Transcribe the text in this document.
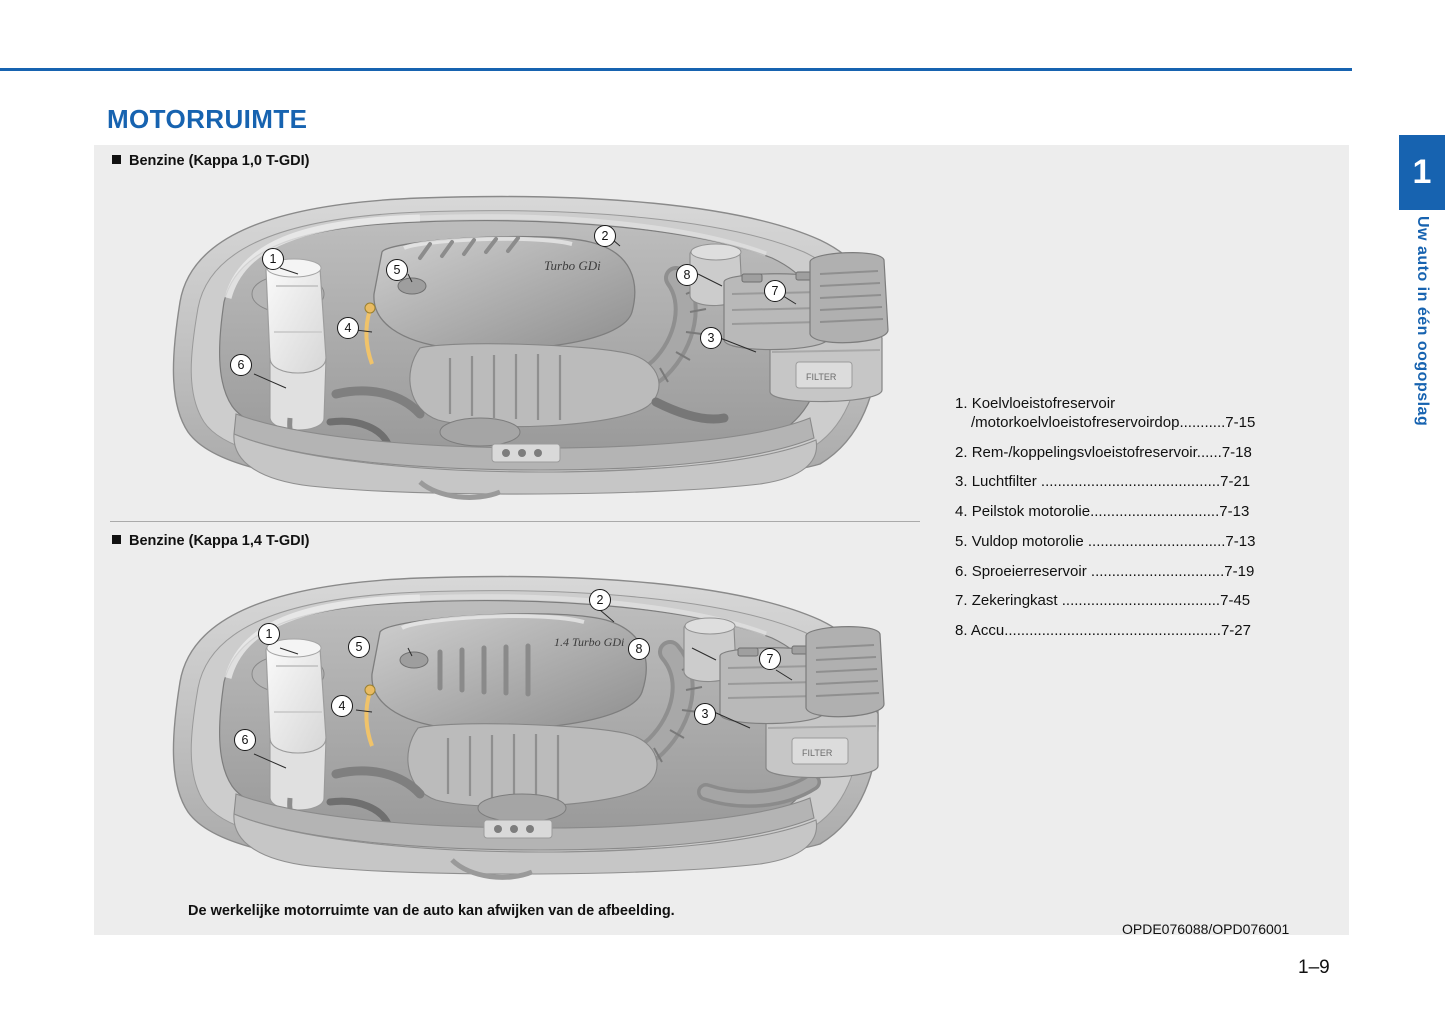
1
Uw auto in één oogopslag
MOTORRUIMTE
Benzine (Kappa 1,0 T-GDI)
Turbo GDi
FILTER
1
2
3
4
5
6
7
8
Benzine (Kappa 1,4 T-GDI)
1.4 Turbo GDi
FILTER
1
2
3
4
5
6
7
8
De werkelijke motorruimte van de auto kan afwijken van de afbeelding.
1. Koelvloeistofreservoir
/motorkoelvloeistofreservoirdop...........7-15
2. Rem-/koppelingsvloeistofreservoir......7-18
3. Luchtfilter ...........................................7-21
4. Peilstok motorolie...............................7-13
5. Vuldop motorolie .................................7-13
6. Sproeierreservoir ................................7-19
7. Zekeringkast ......................................7-45
8. Accu....................................................7-27
OPDE076088/OPD076001
1–9
